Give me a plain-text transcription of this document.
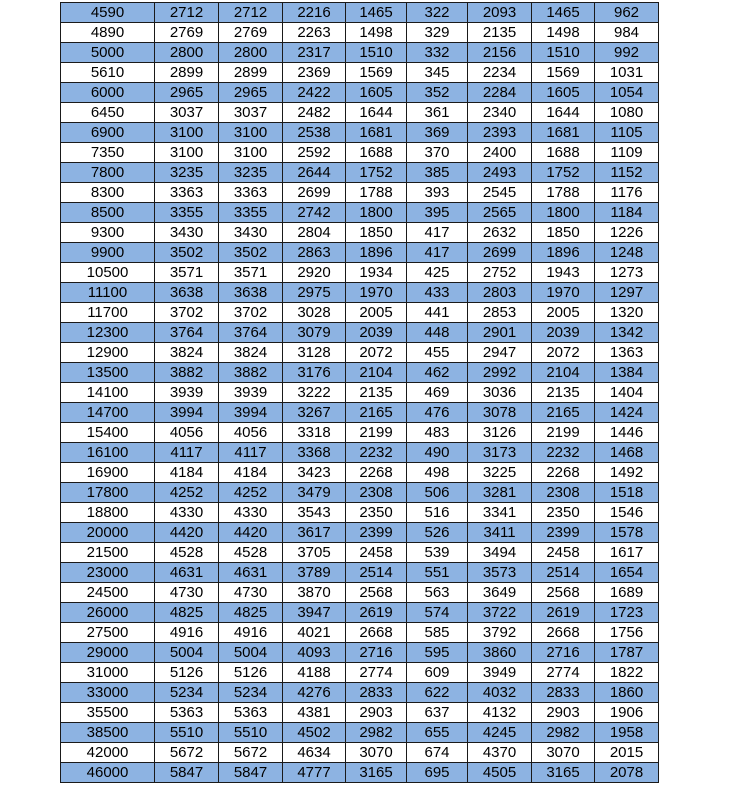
4590	2712	2712	2216	1465	322	2093	1465	962
4890	2769	2769	2263	1498	329	2135	1498	984
5000	2800	2800	2317	1510	332	2156	1510	992
5610	2899	2899	2369	1569	345	2234	1569	1031
6000	2965	2965	2422	1605	352	2284	1605	1054
6450	3037	3037	2482	1644	361	2340	1644	1080
6900	3100	3100	2538	1681	369	2393	1681	1105
7350	3100	3100	2592	1688	370	2400	1688	1109
7800	3235	3235	2644	1752	385	2493	1752	1152
8300	3363	3363	2699	1788	393	2545	1788	1176
8500	3355	3355	2742	1800	395	2565	1800	1184
9300	3430	3430	2804	1850	417	2632	1850	1226
9900	3502	3502	2863	1896	417	2699	1896	1248
10500	3571	3571	2920	1934	425	2752	1943	1273
11100	3638	3638	2975	1970	433	2803	1970	1297
11700	3702	3702	3028	2005	441	2853	2005	1320
12300	3764	3764	3079	2039	448	2901	2039	1342
12900	3824	3824	3128	2072	455	2947	2072	1363
13500	3882	3882	3176	2104	462	2992	2104	1384
14100	3939	3939	3222	2135	469	3036	2135	1404
14700	3994	3994	3267	2165	476	3078	2165	1424
15400	4056	4056	3318	2199	483	3126	2199	1446
16100	4117	4117	3368	2232	490	3173	2232	1468
16900	4184	4184	3423	2268	498	3225	2268	1492
17800	4252	4252	3479	2308	506	3281	2308	1518
18800	4330	4330	3543	2350	516	3341	2350	1546
20000	4420	4420	3617	2399	526	3411	2399	1578
21500	4528	4528	3705	2458	539	3494	2458	1617
23000	4631	4631	3789	2514	551	3573	2514	1654
24500	4730	4730	3870	2568	563	3649	2568	1689
26000	4825	4825	3947	2619	574	3722	2619	1723
27500	4916	4916	4021	2668	585	3792	2668	1756
29000	5004	5004	4093	2716	595	3860	2716	1787
31000	5126	5126	4188	2774	609	3949	2774	1822
33000	5234	5234	4276	2833	622	4032	2833	1860
35500	5363	5363	4381	2903	637	4132	2903	1906
38500	5510	5510	4502	2982	655	4245	2982	1958
42000	5672	5672	4634	3070	674	4370	3070	2015
46000	5847	5847	4777	3165	695	4505	3165	2078
